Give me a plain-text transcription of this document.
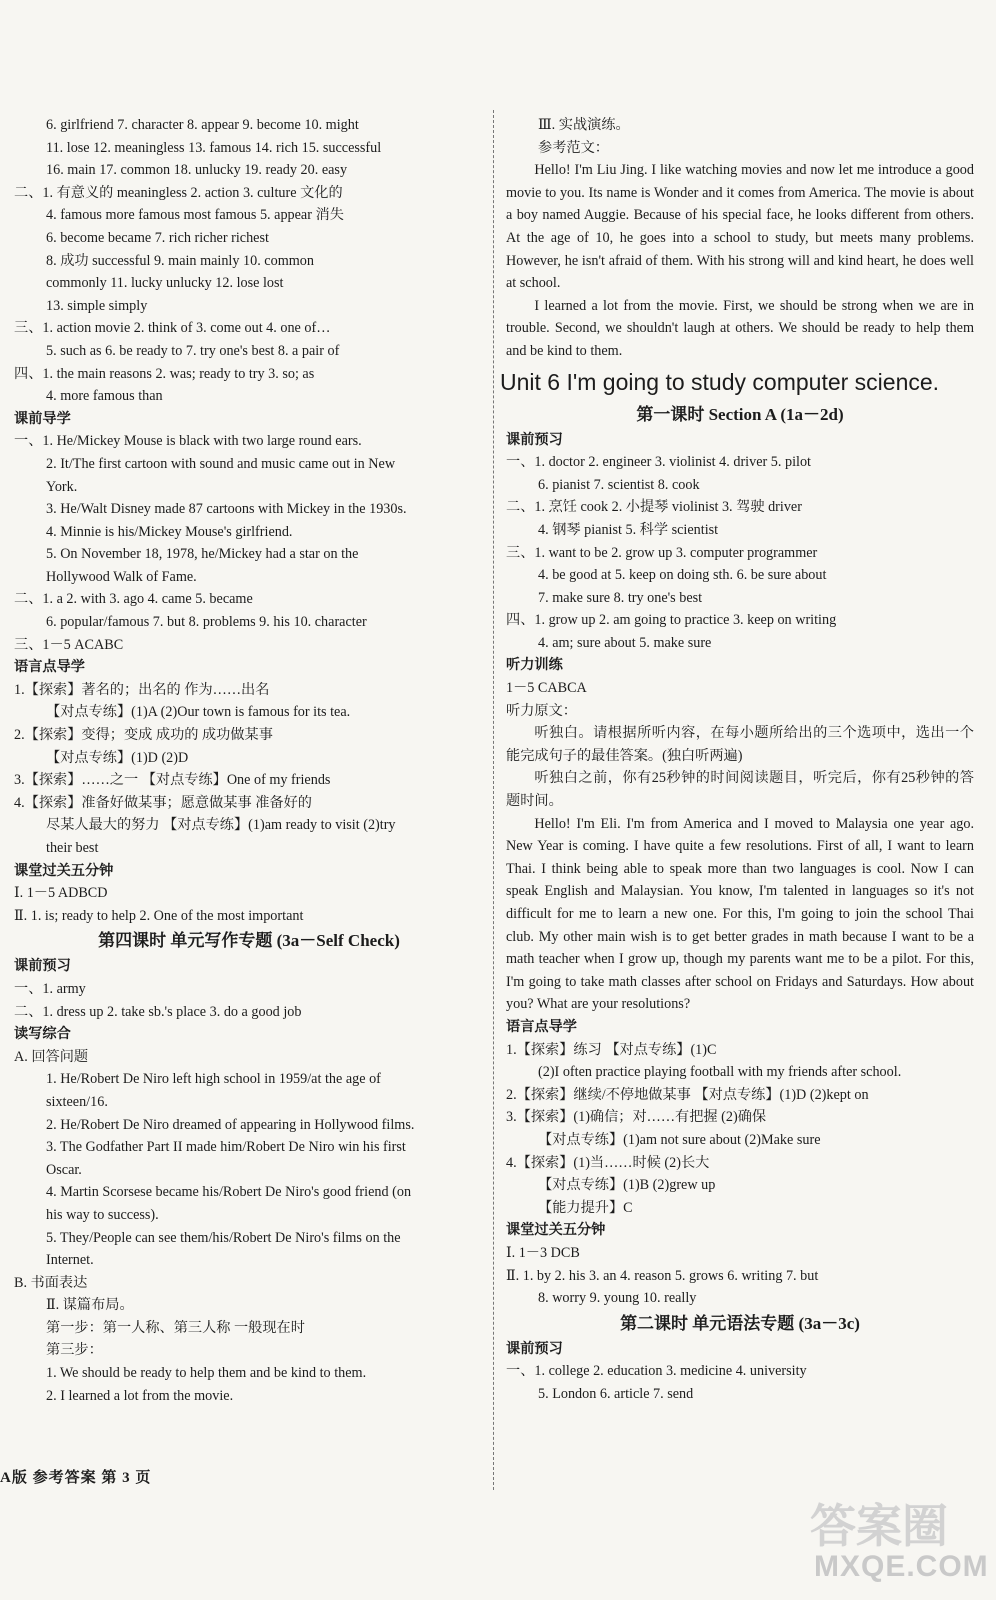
6. girlfriend 7. character 8. appear 9. become 10. might
11. lose 12. meaningless 13. famous 14. rich 15. successful
16. main 17. common 18. unlucky 19. ready 20. easy
二、1. 有意义的 meaningless 2. action 3. culture 文化的
4. famous more famous most famous 5. appear 消失
6. become became 7. rich richer richest
8. 成功 successful 9. main mainly 10. common
commonly 11. lucky unlucky 12. lose lost
13. simple simply
三、1. action movie 2. think of 3. come out 4. one of…
5. such as 6. be ready to 7. try one's best 8. a pair of
四、1. the main reasons 2. was; ready to try 3. so; as
4. more famous than
课前导学
一、1. He/Mickey Mouse is black with two large round ears.
2. It/The first cartoon with sound and music came out in New
York.
3. He/Walt Disney made 87 cartoons with Mickey in the 1930s.
4. Minnie is his/Mickey Mouse's girlfriend.
5. On November 18, 1978, he/Mickey had a star on the
Hollywood Walk of Fame.
二、1. a 2. with 3. ago 4. came 5. became
6. popular/famous 7. but 8. problems 9. his 10. character
三、1－5 ACABC
语言点导学
1.【探索】著名的；出名的 作为……出名
【对点专练】(1)A (2)Our town is famous for its tea.
2.【探索】变得；变成 成功的 成功做某事
【对点专练】(1)D (2)D
3.【探索】……之一 【对点专练】One of my friends
4.【探索】准备好做某事；愿意做某事 准备好的
尽某人最大的努力 【对点专练】(1)am ready to visit (2)try
their best
课堂过关五分钟
Ⅰ. 1－5 ADBCD
Ⅱ. 1. is; ready to help 2. One of the most important
第四课时 单元写作专题 (3a－Self Check)
课前预习
一、1. army
二、1. dress up 2. take sb.'s place 3. do a good job
读写综合
A. 回答问题
1. He/Robert De Niro left high school in 1959/at the age of
sixteen/16.
2. He/Robert De Niro dreamed of appearing in Hollywood films.
3. The Godfather Part II made him/Robert De Niro win his first
Oscar.
4. Martin Scorsese became his/Robert De Niro's good friend (on
his way to success).
5. They/People can see them/his/Robert De Niro's films on the
Internet.
B. 书面表达
Ⅱ. 谋篇布局。
第一步：第一人称、第三人称 一般现在时
第三步：
1. We should be ready to help them and be kind to them.
2. I learned a lot from the movie.
Ⅲ. 实战演练。
参考范文：
Hello! I'm Liu Jing. I like watching movies and now let me introduce a good movie to you. Its name is Wonder and it comes from America. The movie is about a boy named Auggie. Because of his special face, he looks different from others. At the age of 10, he goes into a school to study, but meets many problems. However, he isn't afraid of them. With his strong will and kind heart, he does well at school.
I learned a lot from the movie. First, we should be strong when we are in trouble. Second, we shouldn't laugh at others. We should be ready to help them and be kind to them.
Unit 6 I'm going to study computer science.
第一课时 Section A (1a－2d)
课前预习
一、1. doctor 2. engineer 3. violinist 4. driver 5. pilot
6. pianist 7. scientist 8. cook
二、1. 烹饪 cook 2. 小提琴 violinist 3. 驾驶 driver
4. 钢琴 pianist 5. 科学 scientist
三、1. want to be 2. grow up 3. computer programmer
4. be good at 5. keep on doing sth. 6. be sure about
7. make sure 8. try one's best
四、1. grow up 2. am going to practice 3. keep on writing
4. am; sure about 5. make sure
听力训练
1－5 CABCA
听力原文：
听独白。请根据所听内容，在每小题所给出的三个选项中，选出一个能完成句子的最佳答案。(独白听两遍)
听独白之前，你有25秒钟的时间阅读题目，听完后，你有25秒钟的答题时间。
Hello! I'm Eli. I'm from America and I moved to Malaysia one year ago. New Year is coming. I have quite a few resolutions. First of all, I want to learn Thai. I think being able to speak more than two languages is cool. Now I can speak English and Malaysian. You know, I'm talented in languages so it's not difficult for me to learn a new one. For this, I'm going to join the school Thai club. My other main wish is to get better grades in math because I want to be a math teacher when I grow up, though my parents want me to be a pilot. For this, I'm going to take math classes after school on Fridays and Saturdays. How about you? What are your resolutions?
语言点导学
1.【探索】练习 【对点专练】(1)C
(2)I often practice playing football with my friends after school.
2.【探索】继续/不停地做某事 【对点专练】(1)D (2)kept on
3.【探索】(1)确信；对……有把握 (2)确保
【对点专练】(1)am not sure about (2)Make sure
4.【探索】(1)当……时候 (2)长大
【对点专练】(1)B (2)grew up
【能力提升】C
课堂过关五分钟
Ⅰ. 1－3 DCB
Ⅱ. 1. by 2. his 3. an 4. reason 5. grows 6. writing 7. but
8. worry 9. young 10. really
第二课时 单元语法专题 (3a－3c)
课前预习
一、1. college 2. education 3. medicine 4. university
5. London 6. article 7. send
A版 参考答案 第 3 页
答案圈
MXQE.COM
